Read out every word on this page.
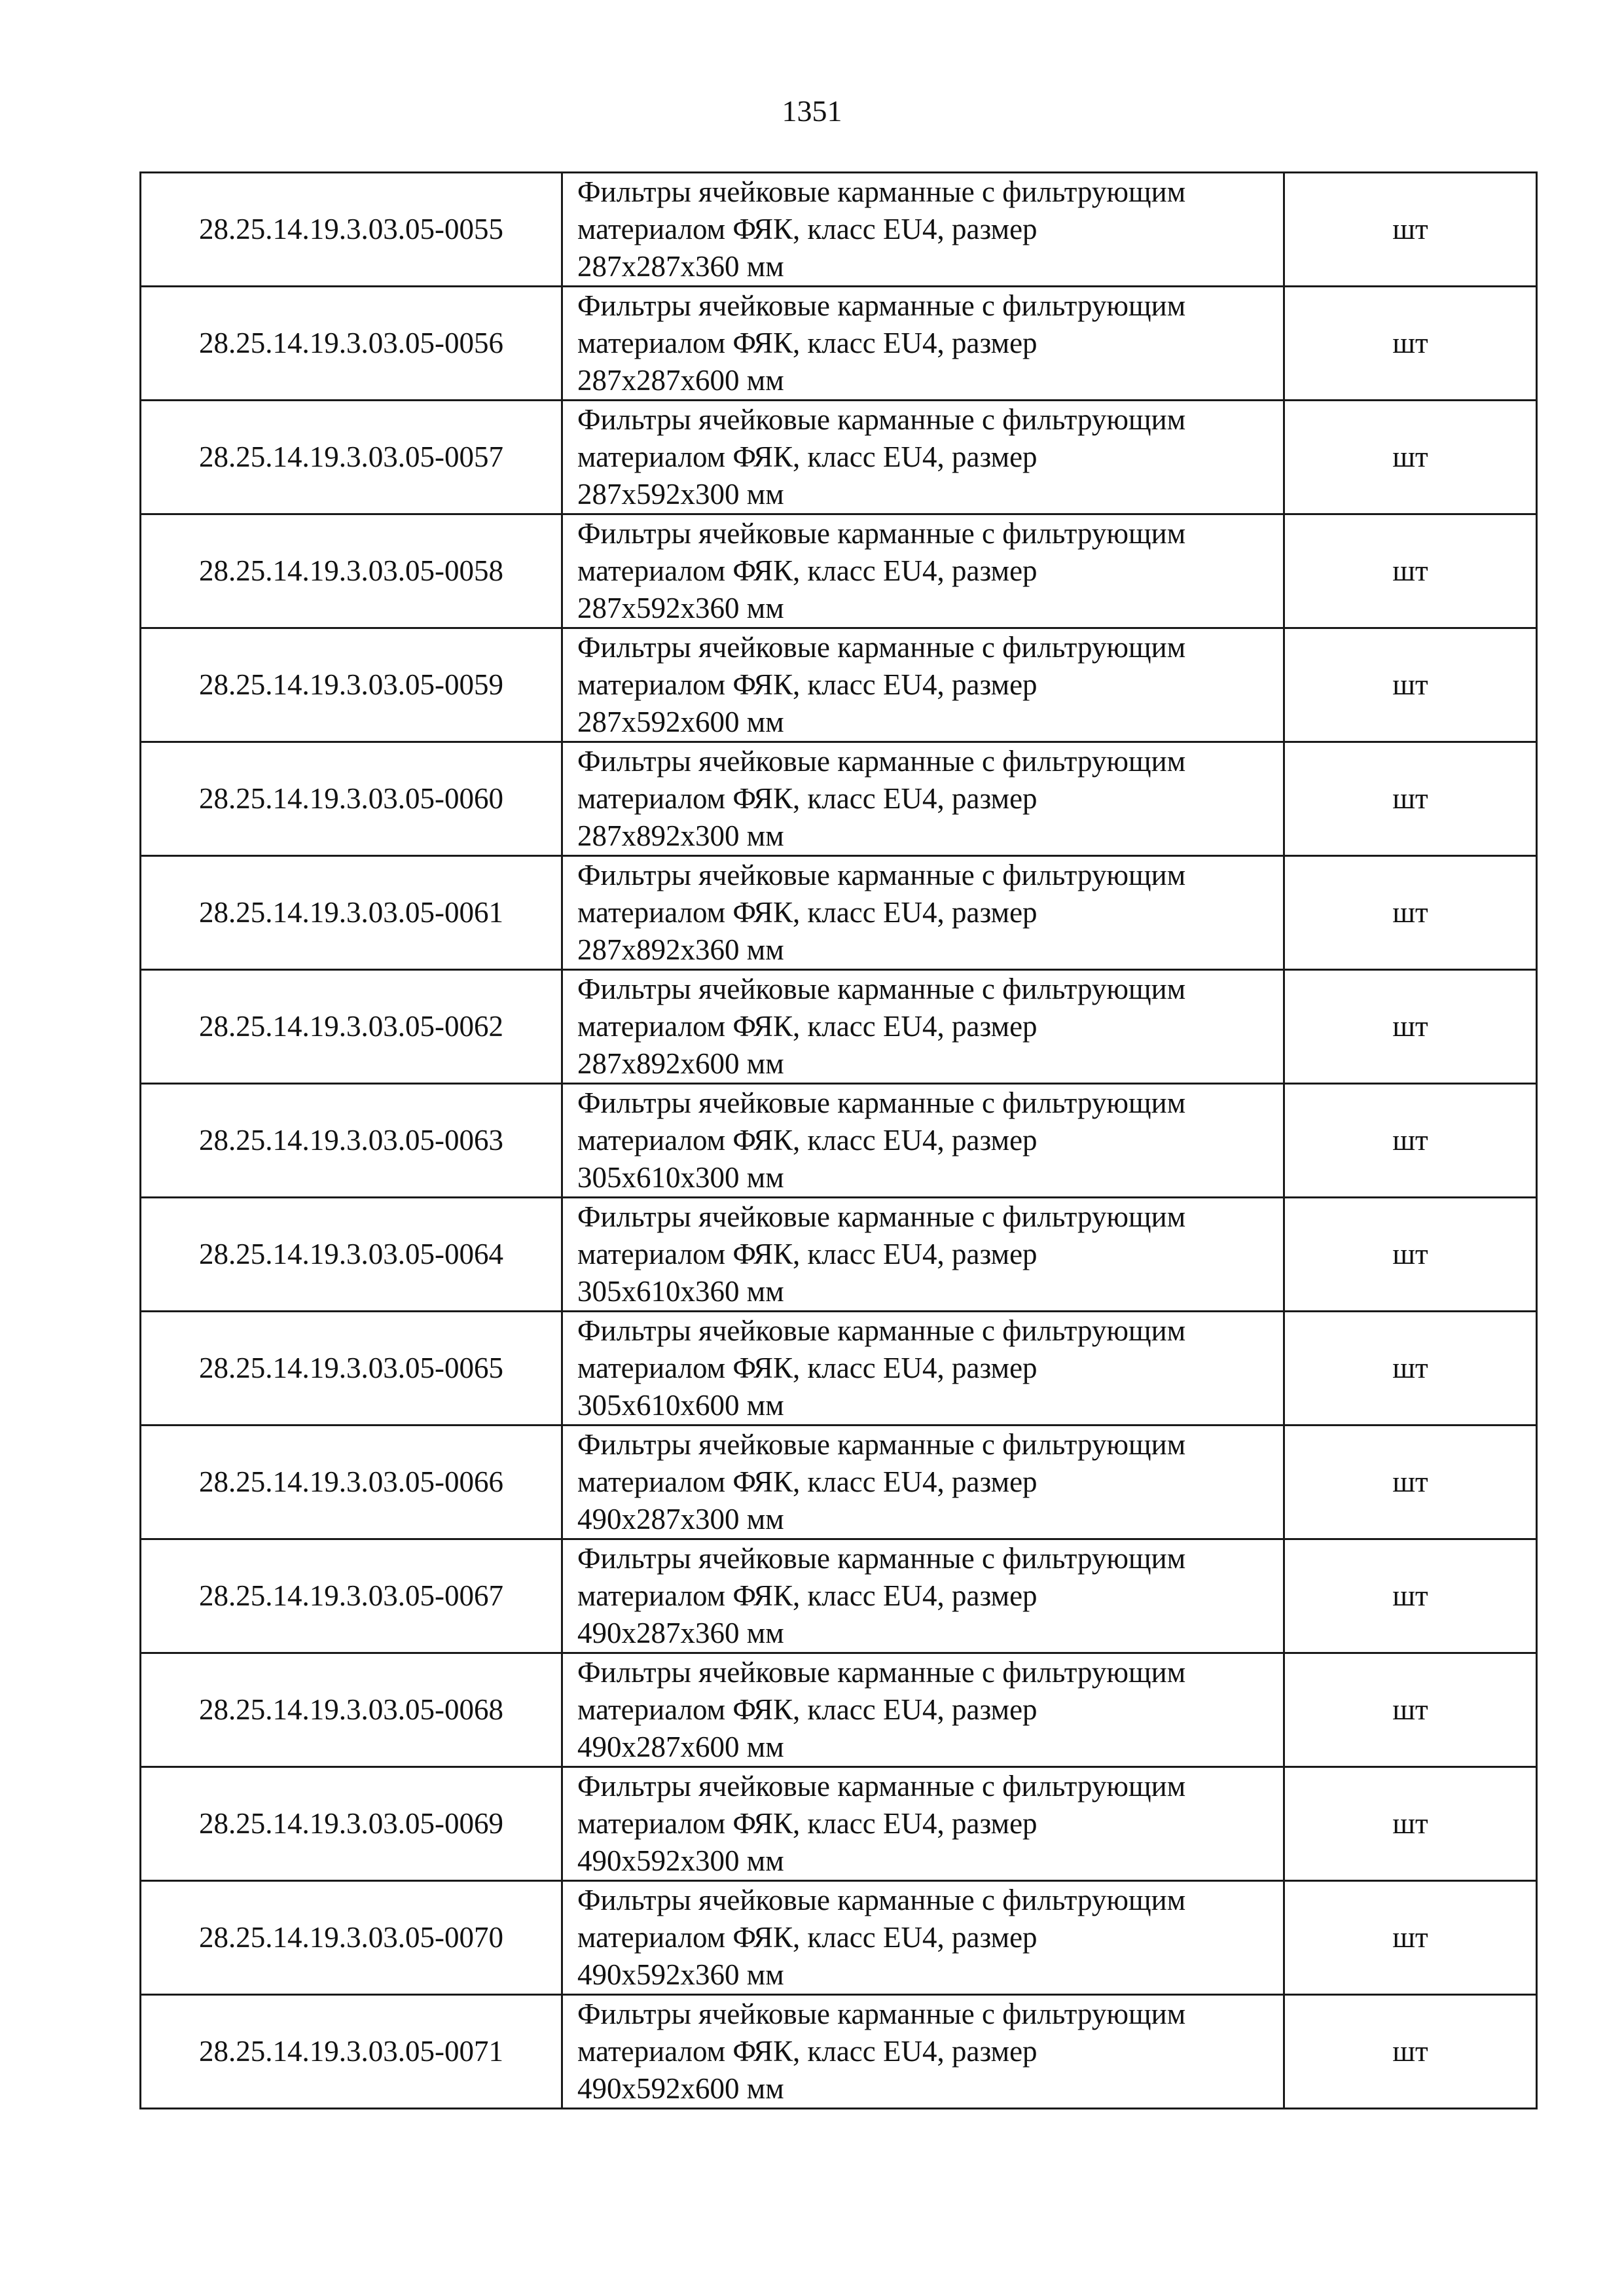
1351
28.25.14.19.3.03.05-0055	Фильтры ячейковые карманные с фильтрующим материалом ФЯК, класс EU4, размер
287x287x360 мм	шт
28.25.14.19.3.03.05-0056	Фильтры ячейковые карманные с фильтрующим материалом ФЯК, класс EU4, размер
287x287x600 мм	шт
28.25.14.19.3.03.05-0057	Фильтры ячейковые карманные с фильтрующим материалом ФЯК, класс EU4, размер
287x592x300 мм	шт
28.25.14.19.3.03.05-0058	Фильтры ячейковые карманные с фильтрующим материалом ФЯК, класс EU4, размер
287x592x360 мм	шт
28.25.14.19.3.03.05-0059	Фильтры ячейковые карманные с фильтрующим материалом ФЯК, класс EU4, размер
287x592x600 мм	шт
28.25.14.19.3.03.05-0060	Фильтры ячейковые карманные с фильтрующим материалом ФЯК, класс EU4, размер
287x892x300 мм	шт
28.25.14.19.3.03.05-0061	Фильтры ячейковые карманные с фильтрующим материалом ФЯК, класс EU4, размер
287x892x360 мм	шт
28.25.14.19.3.03.05-0062	Фильтры ячейковые карманные с фильтрующим материалом ФЯК, класс EU4, размер
287x892x600 мм	шт
28.25.14.19.3.03.05-0063	Фильтры ячейковые карманные с фильтрующим материалом ФЯК, класс EU4, размер
305x610x300 мм	шт
28.25.14.19.3.03.05-0064	Фильтры ячейковые карманные с фильтрующим материалом ФЯК, класс EU4, размер
305x610x360 мм	шт
28.25.14.19.3.03.05-0065	Фильтры ячейковые карманные с фильтрующим материалом ФЯК, класс EU4, размер
305x610x600 мм	шт
28.25.14.19.3.03.05-0066	Фильтры ячейковые карманные с фильтрующим материалом ФЯК, класс EU4, размер
490x287x300 мм	шт
28.25.14.19.3.03.05-0067	Фильтры ячейковые карманные с фильтрующим материалом ФЯК, класс EU4, размер
490x287x360 мм	шт
28.25.14.19.3.03.05-0068	Фильтры ячейковые карманные с фильтрующим материалом ФЯК, класс EU4, размер
490x287x600 мм	шт
28.25.14.19.3.03.05-0069	Фильтры ячейковые карманные с фильтрующим материалом ФЯК, класс EU4, размер
490x592x300 мм	шт
28.25.14.19.3.03.05-0070	Фильтры ячейковые карманные с фильтрующим материалом ФЯК, класс EU4, размер
490x592x360 мм	шт
28.25.14.19.3.03.05-0071	Фильтры ячейковые карманные с фильтрующим материалом ФЯК, класс EU4, размер
490x592x600 мм	шт
